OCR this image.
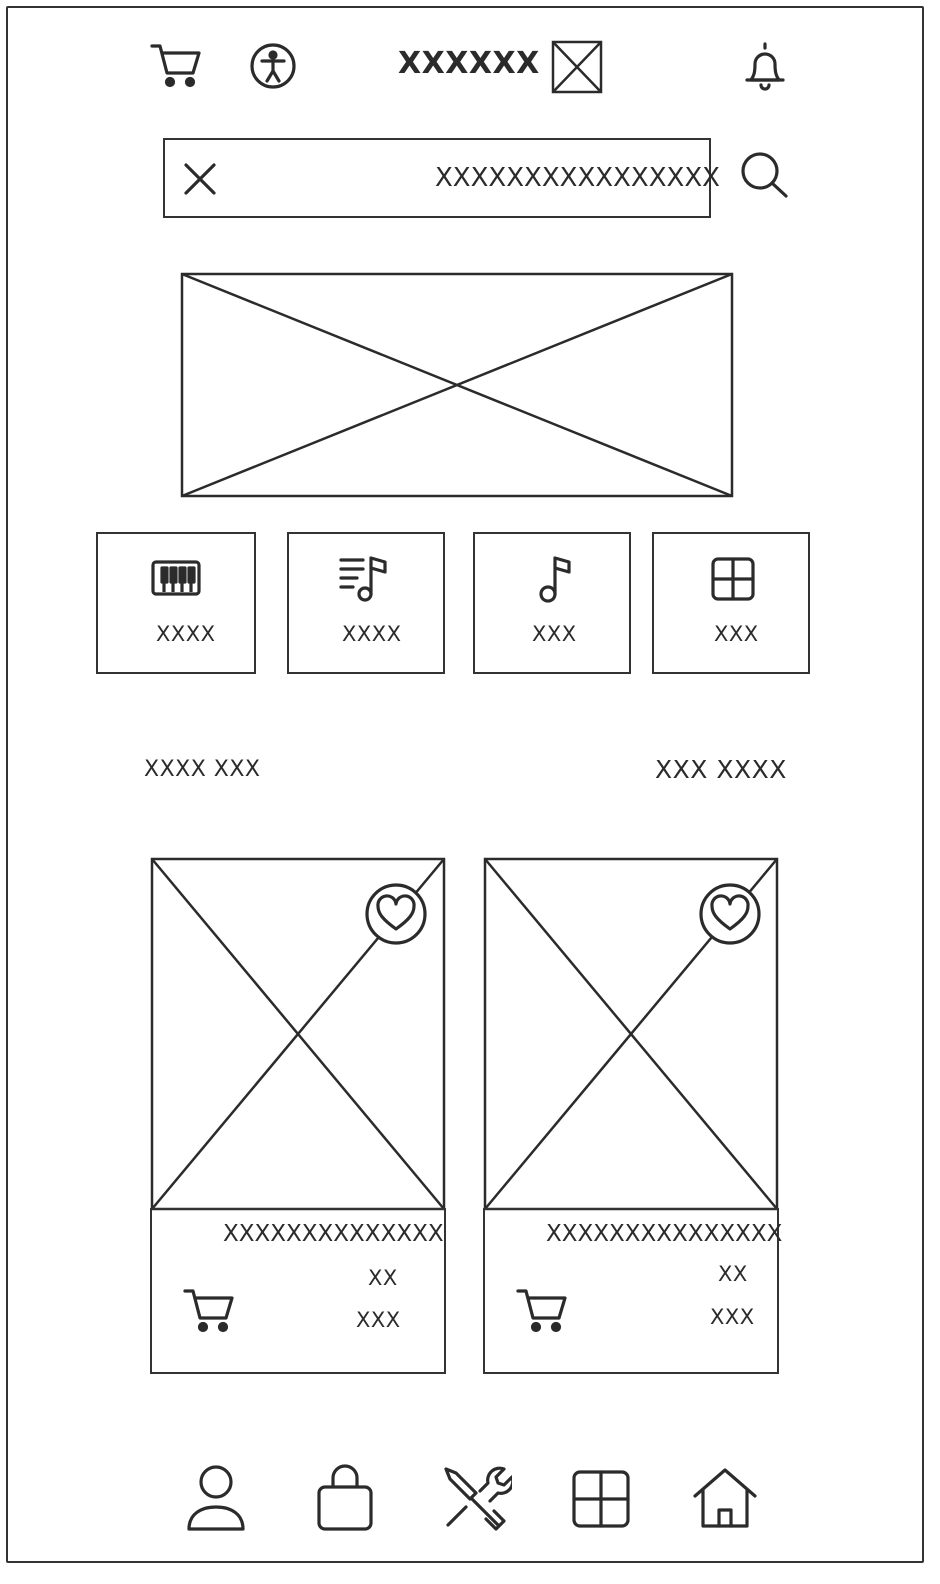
XXXXXX
XXXXXXXXXXXXXXXX
XXXX	XXXX	XXX	XXX
XXXX XXX	XXX XXXX
XXXXXXXXXXXXXX
XX
XXX
XXXXXXXXXXXXXXX
XX
XXX
